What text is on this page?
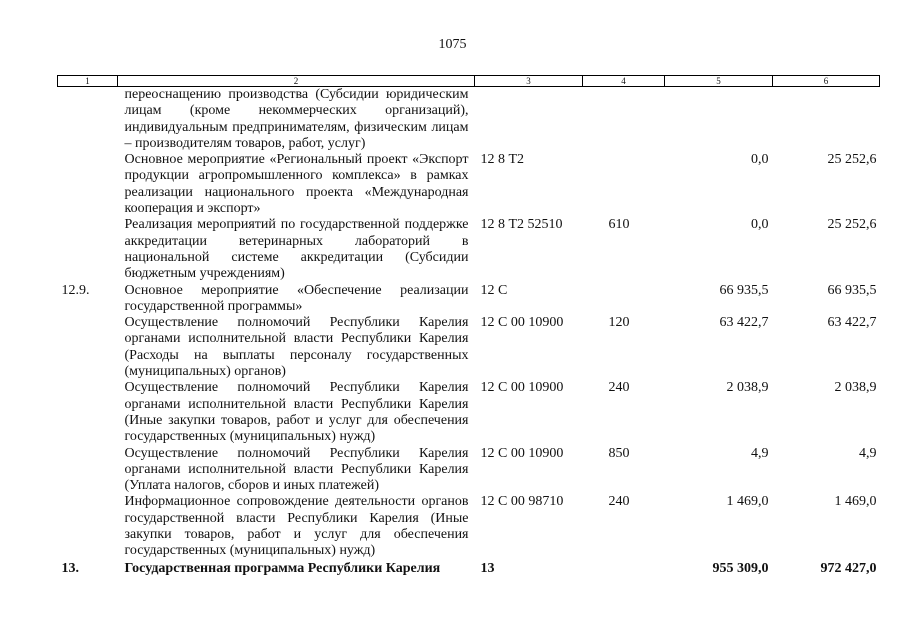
1075
1	2	3	4	5	6
	переоснащению производства (Субсидии юридическим лицам (кроме некоммерческих организаций), индивидуальным предпринимателям, физическим лицам – производителям товаров, работ, услуг)				
	Основное мероприятие «Региональный проект «Экспорт продукции агропромышленного комплекса» в рамках реализации национального проекта «Международная кооперация и экспорт»	12 8 Т2		0,0	25 252,6
	Реализация мероприятий по государственной поддержке аккредитации ветеринарных лабораторий в национальной системе аккредитации (Субсидии бюджетным учреждениям)	12 8 Т2 52510	610	0,0	25 252,6
12.9.	Основное мероприятие «Обеспечение реализации государственной программы»	12 С		66 935,5	66 935,5
	Осуществление полномочий Республики Карелия органами исполнительной власти Республики Карелия (Расходы на выплаты персоналу государственных (муниципальных) органов)	12 С 00 10900	120	63 422,7	63 422,7
	Осуществление полномочий Республики Карелия органами исполнительной власти Республики Карелия (Иные закупки товаров, работ и услуг для обеспечения государственных (муниципальных) нужд)	12 С 00 10900	240	2 038,9	2 038,9
	Осуществление полномочий Республики Карелия органами исполнительной власти Республики Карелия (Уплата налогов, сборов и иных платежей)	12 С 00 10900	850	4,9	4,9
	Информационное сопровождение деятельности органов государственной власти Республики Карелия (Иные закупки товаров, работ и услуг для обеспечения государственных (муниципальных) нужд)	12 С 00 98710	240	1 469,0	1 469,0
13.	Государственная программа Республики Карелия	13		955 309,0	972 427,0
